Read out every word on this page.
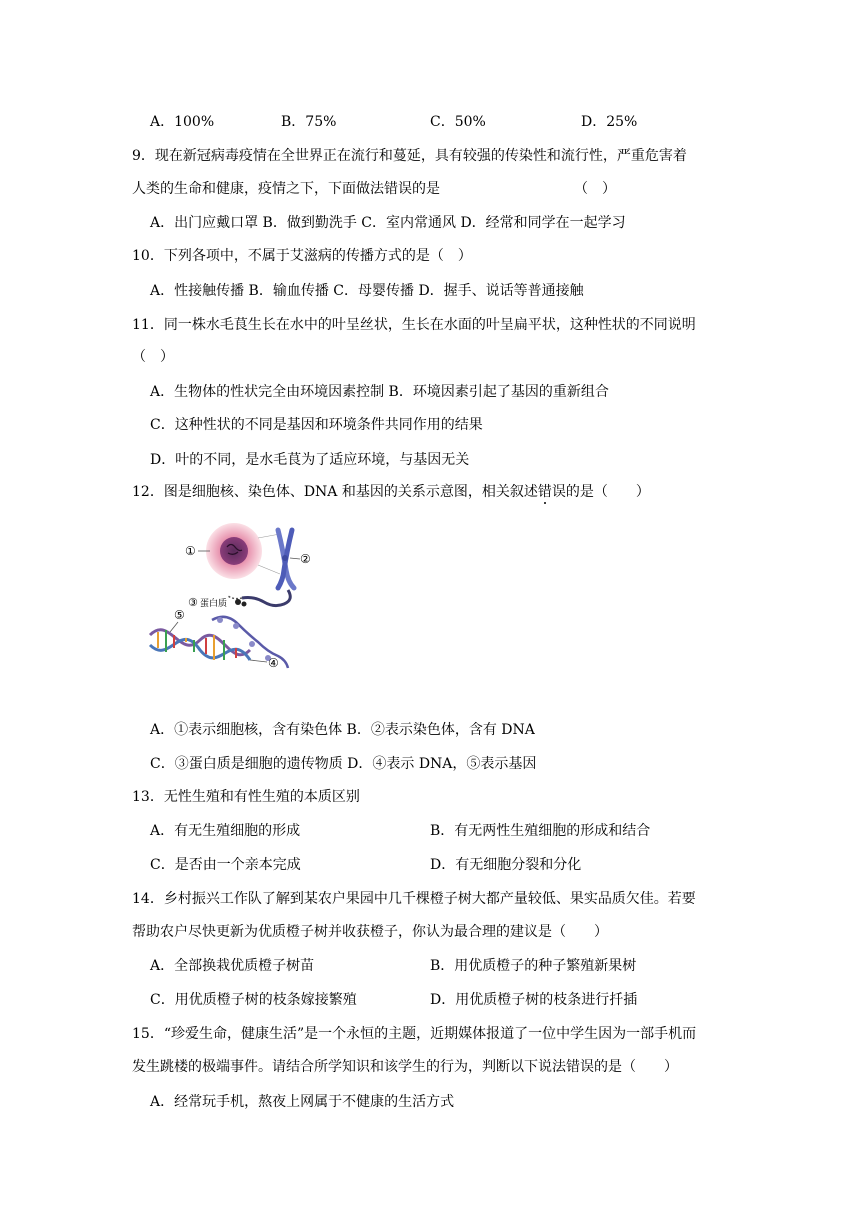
A．100%	B．75%	C．50%	D．25%
9．现在新冠病毒疫情在全世界正在流行和蔓延，具有较强的传染性和流行性，严重危害着
人类的生命和健康，疫情之下，下面做法错误的是	（　）
A．出门应戴口罩 B．做到勤洗手 C．室内常通风 D．经常和同学在一起学习
10．下列各项中，不属于艾滋病的传播方式的是（　）
A．性接触传播 B．输血传播 C．母婴传播 D．握手、说话等普通接触
11．同一株水毛茛生长在水中的叶呈丝状，生长在水面的叶呈扁平状，这种性状的不同说明
（　）
A．生物体的性状完全由环境因素控制 B．环境因素引起了基因的重新组合
C．这种性状的不同是基因和环境条件共同作用的结果
D．叶的不同，是水毛茛为了适应环境，与基因无关
12．图是细胞核、染色体、DNA 和基因的关系示意图，相关叙述错误的是（　　）
①
②
③ 蛋白质
⑤
④
A．①表示细胞核，含有染色体 B．②表示染色体，含有 DNA
C．③蛋白质是细胞的遗传物质 D．④表示 DNA，⑤表示基因
13．无性生殖和有性生殖的本质区别
A．有无生殖细胞的形成	B．有无两性生殖细胞的形成和结合
C．是否由一个亲本完成	D．有无细胞分裂和分化
14．乡村振兴工作队了解到某农户果园中几千棵橙子树大都产量较低、果实品质欠佳。若要
帮助农户尽快更新为优质橙子树并收获橙子，你认为最合理的建议是（　　）
A．全部换栽优质橙子树苗	B．用优质橙子的种子繁殖新果树
C．用优质橙子树的枝条嫁接繁殖	D．用优质橙子树的枝条进行扦插
15．“珍爱生命，健康生活”是一个永恒的主题，近期媒体报道了一位中学生因为一部手机而
发生跳楼的极端事件。请结合所学知识和该学生的行为，判断以下说法错误的是（　　）
A．经常玩手机，熬夜上网属于不健康的生活方式
